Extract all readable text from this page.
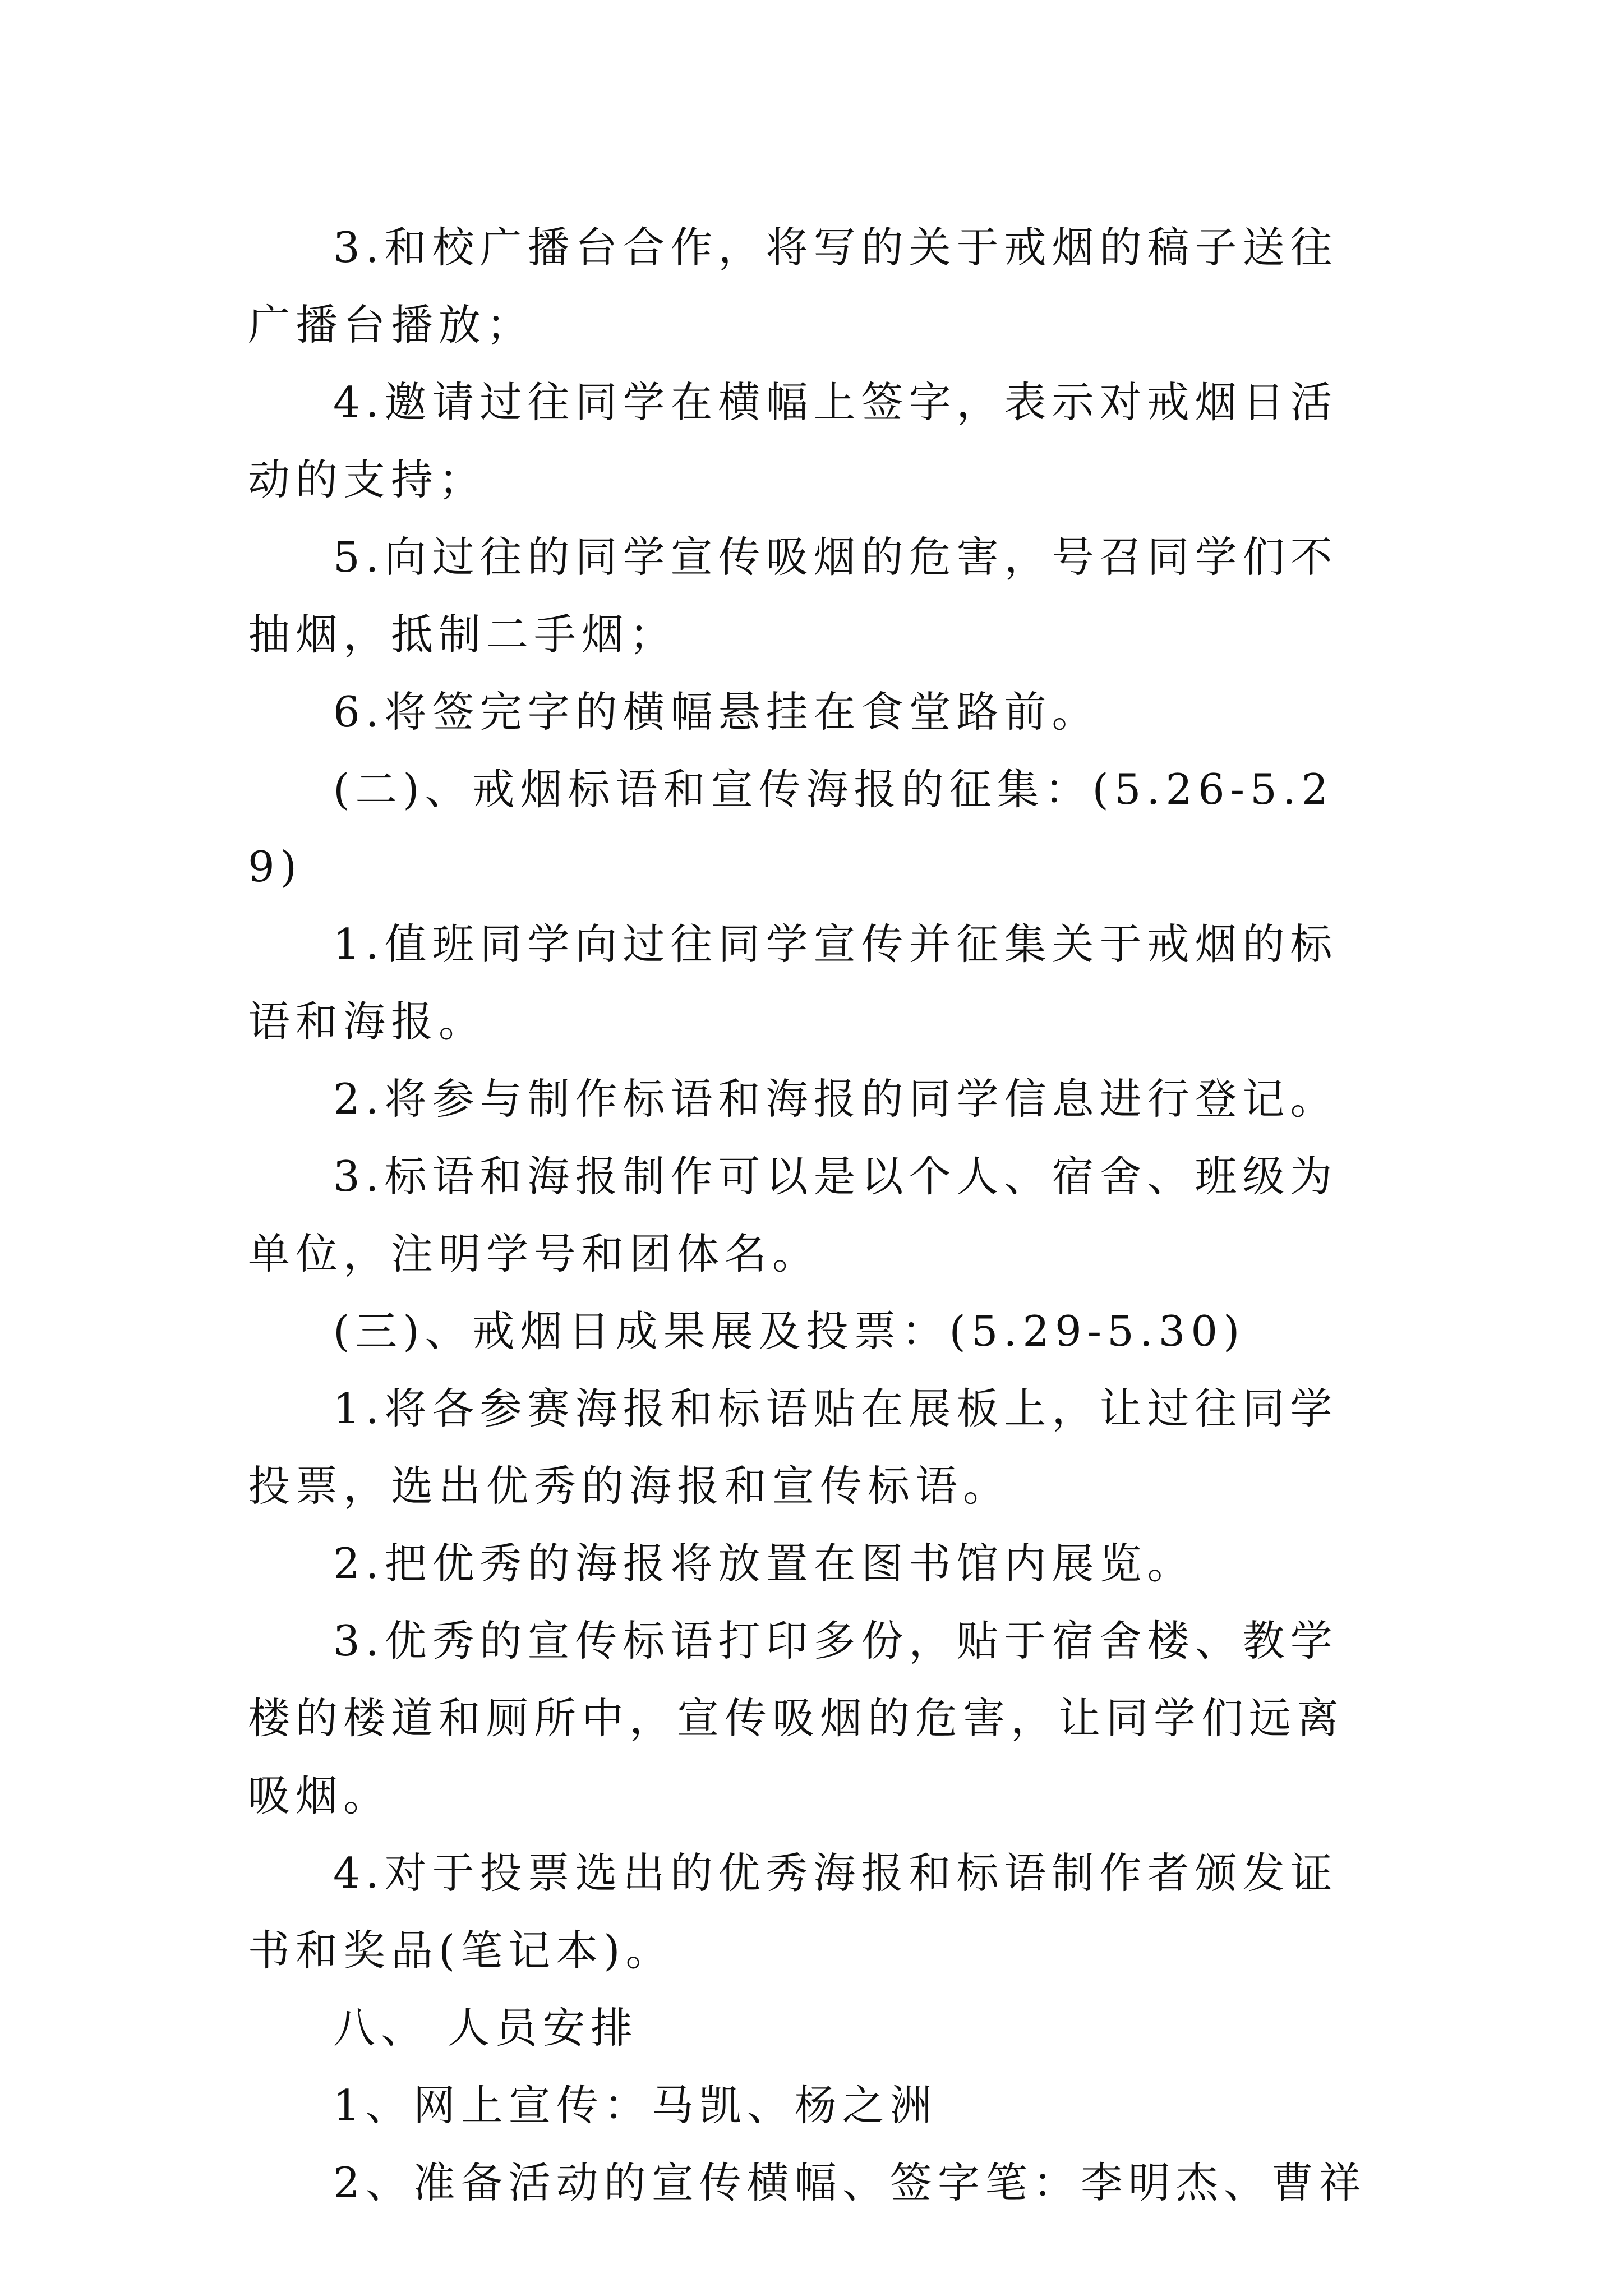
3.和校广播台合作，将写的关于戒烟的稿子送往广播台播放；

4.邀请过往同学在横幅上签字，表示对戒烟日活动的支持；

5.向过往的同学宣传吸烟的危害，号召同学们不抽烟，抵制二手烟；

6.将签完字的横幅悬挂在食堂路前。

(二)、戒烟标语和宣传海报的征集：(5.26-5.29)

1.值班同学向过往同学宣传并征集关于戒烟的标语和海报。

2.将参与制作标语和海报的同学信息进行登记。

3.标语和海报制作可以是以个人、宿舍、班级为单位，注明学号和团体名。

(三)、戒烟日成果展及投票：(5.29-5.30)

1.将各参赛海报和标语贴在展板上，让过往同学投票，选出优秀的海报和宣传标语。

2.把优秀的海报将放置在图书馆内展览。

3.优秀的宣传标语打印多份，贴于宿舍楼、教学楼的楼道和厕所中，宣传吸烟的危害，让同学们远离吸烟。

4.对于投票选出的优秀海报和标语制作者颁发证书和奖品(笔记本)。

八、 人员安排

1、网上宣传：马凯、杨之洲

2、准备活动的宣传横幅、签字笔：李明杰、曹祥
